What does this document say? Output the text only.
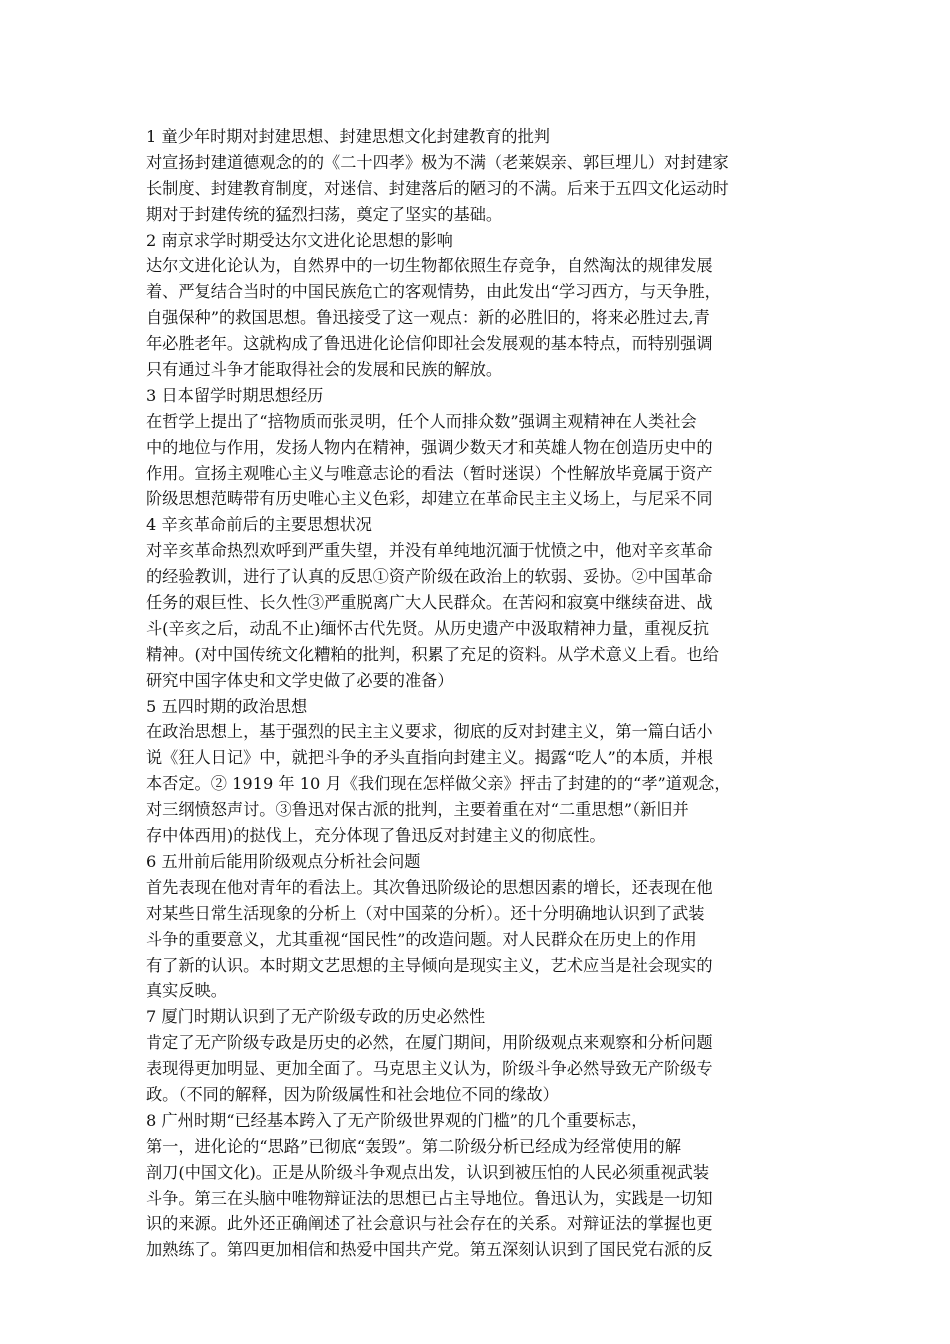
1 童少年时期对封建思想、封建思想文化封建教育的批判
对宣扬封建道德观念的的《二十四孝》极为不满（老莱娱亲、郭巨埋儿）对封建家
长制度、封建教育制度，对迷信、封建落后的陋习的不满。后来于五四文化运动时
期对于封建传统的猛烈扫荡，奠定了坚实的基础。
2 南京求学时期受达尔文进化论思想的影响
达尔文进化论认为，自然界中的一切生物都依照生存竞争，自然淘汰的规律发展
着、严复结合当时的中国民族危亡的客观情势，由此发出“学习西方，与天争胜，
自强保种”的救国思想。鲁迅接受了这一观点：新的必胜旧的，将来必胜过去,青
年必胜老年。这就构成了鲁迅进化论信仰即社会发展观的基本特点，而特别强调
只有通过斗争才能取得社会的发展和民族的解放。
3 日本留学时期思想经历
在哲学上提出了“掊物质而张灵明，任个人而排众数”强调主观精神在人类社会
中的地位与作用，发扬人物内在精神，强调少数天才和英雄人物在创造历史中的
作用。宣扬主观唯心主义与唯意志论的看法（暂时迷误）个性解放毕竟属于资产
阶级思想范畴带有历史唯心主义色彩，却建立在革命民主主义场上，与尼采不同
4 辛亥革命前后的主要思想状况
对辛亥革命热烈欢呼到严重失望，并没有单纯地沉湎于忧愤之中，他对辛亥革命
的经验教训，进行了认真的反思①资产阶级在政治上的软弱、妥协。②中国革命
任务的艰巨性、长久性③严重脱离广大人民群众。在苦闷和寂寞中继续奋进、战
斗(辛亥之后，动乱不止)缅怀古代先贤。从历史遗产中汲取精神力量，重视反抗
精神。(对中国传统文化糟粕的批判，积累了充足的资料。从学术意义上看。也给
研究中国字体史和文学史做了必要的准备）
5 五四时期的政治思想
在政治思想上，基于强烈的民主主义要求，彻底的反对封建主义，第一篇白话小
说《狂人日记》中，就把斗争的矛头直指向封建主义。揭露“吃人”的本质，并根
本否定。② 1919 年 10 月《我们现在怎样做父亲》抨击了封建的的“孝”道观念，
对三纲愤怒声讨。③鲁迅对保古派的批判，主要着重在对“二重思想”（新旧并
存中体西用)的挞伐上，充分体现了鲁迅反对封建主义的彻底性。
6 五卅前后能用阶级观点分析社会问题
首先表现在他对青年的看法上。其次鲁迅阶级论的思想因素的增长，还表现在他
对某些日常生活现象的分析上（对中国菜的分析）。还十分明确地认识到了武装
斗争的重要意义，尤其重视“国民性”的改造问题。对人民群众在历史上的作用
有了新的认识。本时期文艺思想的主导倾向是现实主义，艺术应当是社会现实的
真实反映。
7 厦门时期认识到了无产阶级专政的历史必然性
肯定了无产阶级专政是历史的必然，在厦门期间，用阶级观点来观察和分析问题
表现得更加明显、更加全面了。马克思主义认为，阶级斗争必然导致无产阶级专
政。（不同的解释，因为阶级属性和社会地位不同的缘故）
8 广州时期“已经基本跨入了无产阶级世界观的门槛”的几个重要标志，
第一，进化论的“思路”已彻底“轰毁”。第二阶级分析已经成为经常使用的解
剖刀(中国文化)。正是从阶级斗争观点出发，认识到被压怕的人民必须重视武装
斗争。第三在头脑中唯物辩证法的思想已占主导地位。鲁迅认为，实践是一切知
识的来源。此外还正确阐述了社会意识与社会存在的关系。对辩证法的掌握也更
加熟练了。第四更加相信和热爱中国共产党。第五深刻认识到了国民党右派的反
